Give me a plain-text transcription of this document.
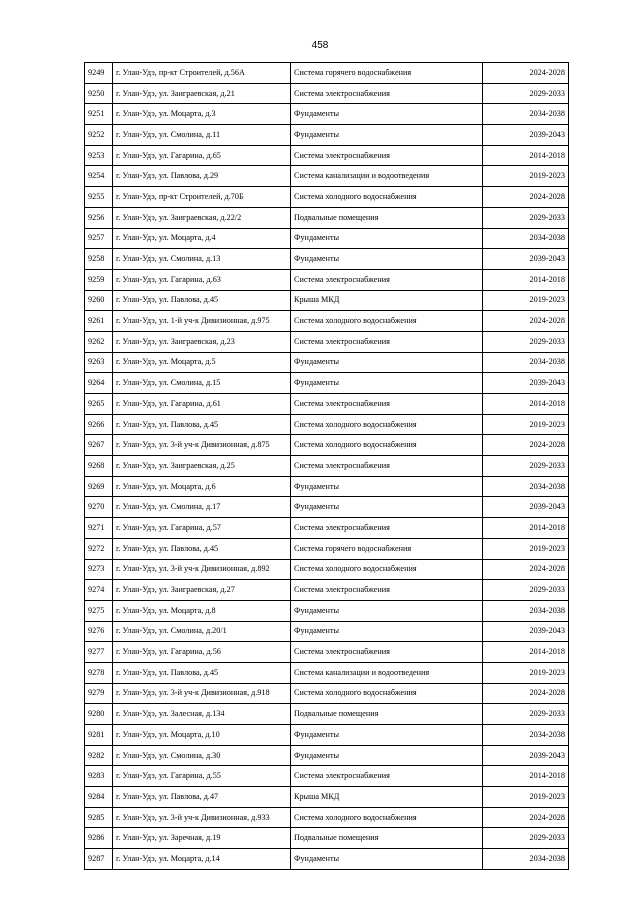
458
9249	г. Улан-Удэ, пр-кт Строителей, д.56А	Система горячего водоснабжения	2024-2028
9250	г. Улан-Удэ, ул. Заиграевская, д.21	Система электроснабжения	2029-2033
9251	г. Улан-Удэ, ул. Моцарта, д.3	Фундаменты	2034-2038
9252	г. Улан-Удэ, ул. Смолина, д.11	Фундаменты	2039-2043
9253	г. Улан-Удэ, ул. Гагарина, д.65	Система электроснабжения	2014-2018
9254	г. Улан-Удэ, ул. Павлова, д.29	Система канализации и водоотведения	2019-2023
9255	г. Улан-Удэ, пр-кт Строителей, д.70Б	Система холодного водоснабжения	2024-2028
9256	г. Улан-Удэ, ул. Заиграевская, д.22/2	Подвальные помещения	2029-2033
9257	г. Улан-Удэ, ул. Моцарта, д.4	Фундаменты	2034-2038
9258	г. Улан-Удэ, ул. Смолина, д.13	Фундаменты	2039-2043
9259	г. Улан-Удэ, ул. Гагарина, д.63	Система электроснабжения	2014-2018
9260	г. Улан-Удэ, ул. Павлова, д.45	Крыша МКД	2019-2023
9261	г. Улан-Удэ, ул. 1-й уч-к Дивизионная, д.975	Система холодного водоснабжения	2024-2028
9262	г. Улан-Удэ, ул. Заиграевская, д.23	Система электроснабжения	2029-2033
9263	г. Улан-Удэ, ул. Моцарта, д.5	Фундаменты	2034-2038
9264	г. Улан-Удэ, ул. Смолина, д.15	Фундаменты	2039-2043
9265	г. Улан-Удэ, ул. Гагарина, д.61	Система электроснабжения	2014-2018
9266	г. Улан-Удэ, ул. Павлова, д.45	Система холодного водоснабжения	2019-2023
9267	г. Улан-Удэ, ул. 3-й уч-к Дивизионная, д.875	Система холодного водоснабжения	2024-2028
9268	г. Улан-Удэ, ул. Заиграевская, д.25	Система электроснабжения	2029-2033
9269	г. Улан-Удэ, ул. Моцарта, д.6	Фундаменты	2034-2038
9270	г. Улан-Удэ, ул. Смолина, д.17	Фундаменты	2039-2043
9271	г. Улан-Удэ, ул. Гагарина, д.57	Система электроснабжения	2014-2018
9272	г. Улан-Удэ, ул. Павлова, д.45	Система горячего водоснабжения	2019-2023
9273	г. Улан-Удэ, ул. 3-й уч-к Дивизионная, д.892	Система холодного водоснабжения	2024-2028
9274	г. Улан-Удэ, ул. Заиграевская, д.27	Система электроснабжения	2029-2033
9275	г. Улан-Удэ, ул. Моцарта, д.8	Фундаменты	2034-2038
9276	г. Улан-Удэ, ул. Смолина, д.20/1	Фундаменты	2039-2043
9277	г. Улан-Удэ, ул. Гагарина, д.56	Система электроснабжения	2014-2018
9278	г. Улан-Удэ, ул. Павлова, д.45	Система канализации и водоотведения	2019-2023
9279	г. Улан-Удэ, ул. 3-й уч-к Дивизионная, д.918	Система холодного водоснабжения	2024-2028
9280	г. Улан-Удэ, ул. Залесная, д.134	Подвальные помещения	2029-2033
9281	г. Улан-Удэ, ул. Моцарта, д.10	Фундаменты	2034-2038
9282	г. Улан-Удэ, ул. Смолина, д.30	Фундаменты	2039-2043
9283	г. Улан-Удэ, ул. Гагарина, д.55	Система электроснабжения	2014-2018
9284	г. Улан-Удэ, ул. Павлова, д.47	Крыша МКД	2019-2023
9285	г. Улан-Удэ, ул. 3-й уч-к Дивизионная, д.933	Система холодного водоснабжения	2024-2028
9286	г. Улан-Удэ, ул. Заречная, д.19	Подвальные помещения	2029-2033
9287	г. Улан-Удэ, ул. Моцарта, д.14	Фундаменты	2034-2038
